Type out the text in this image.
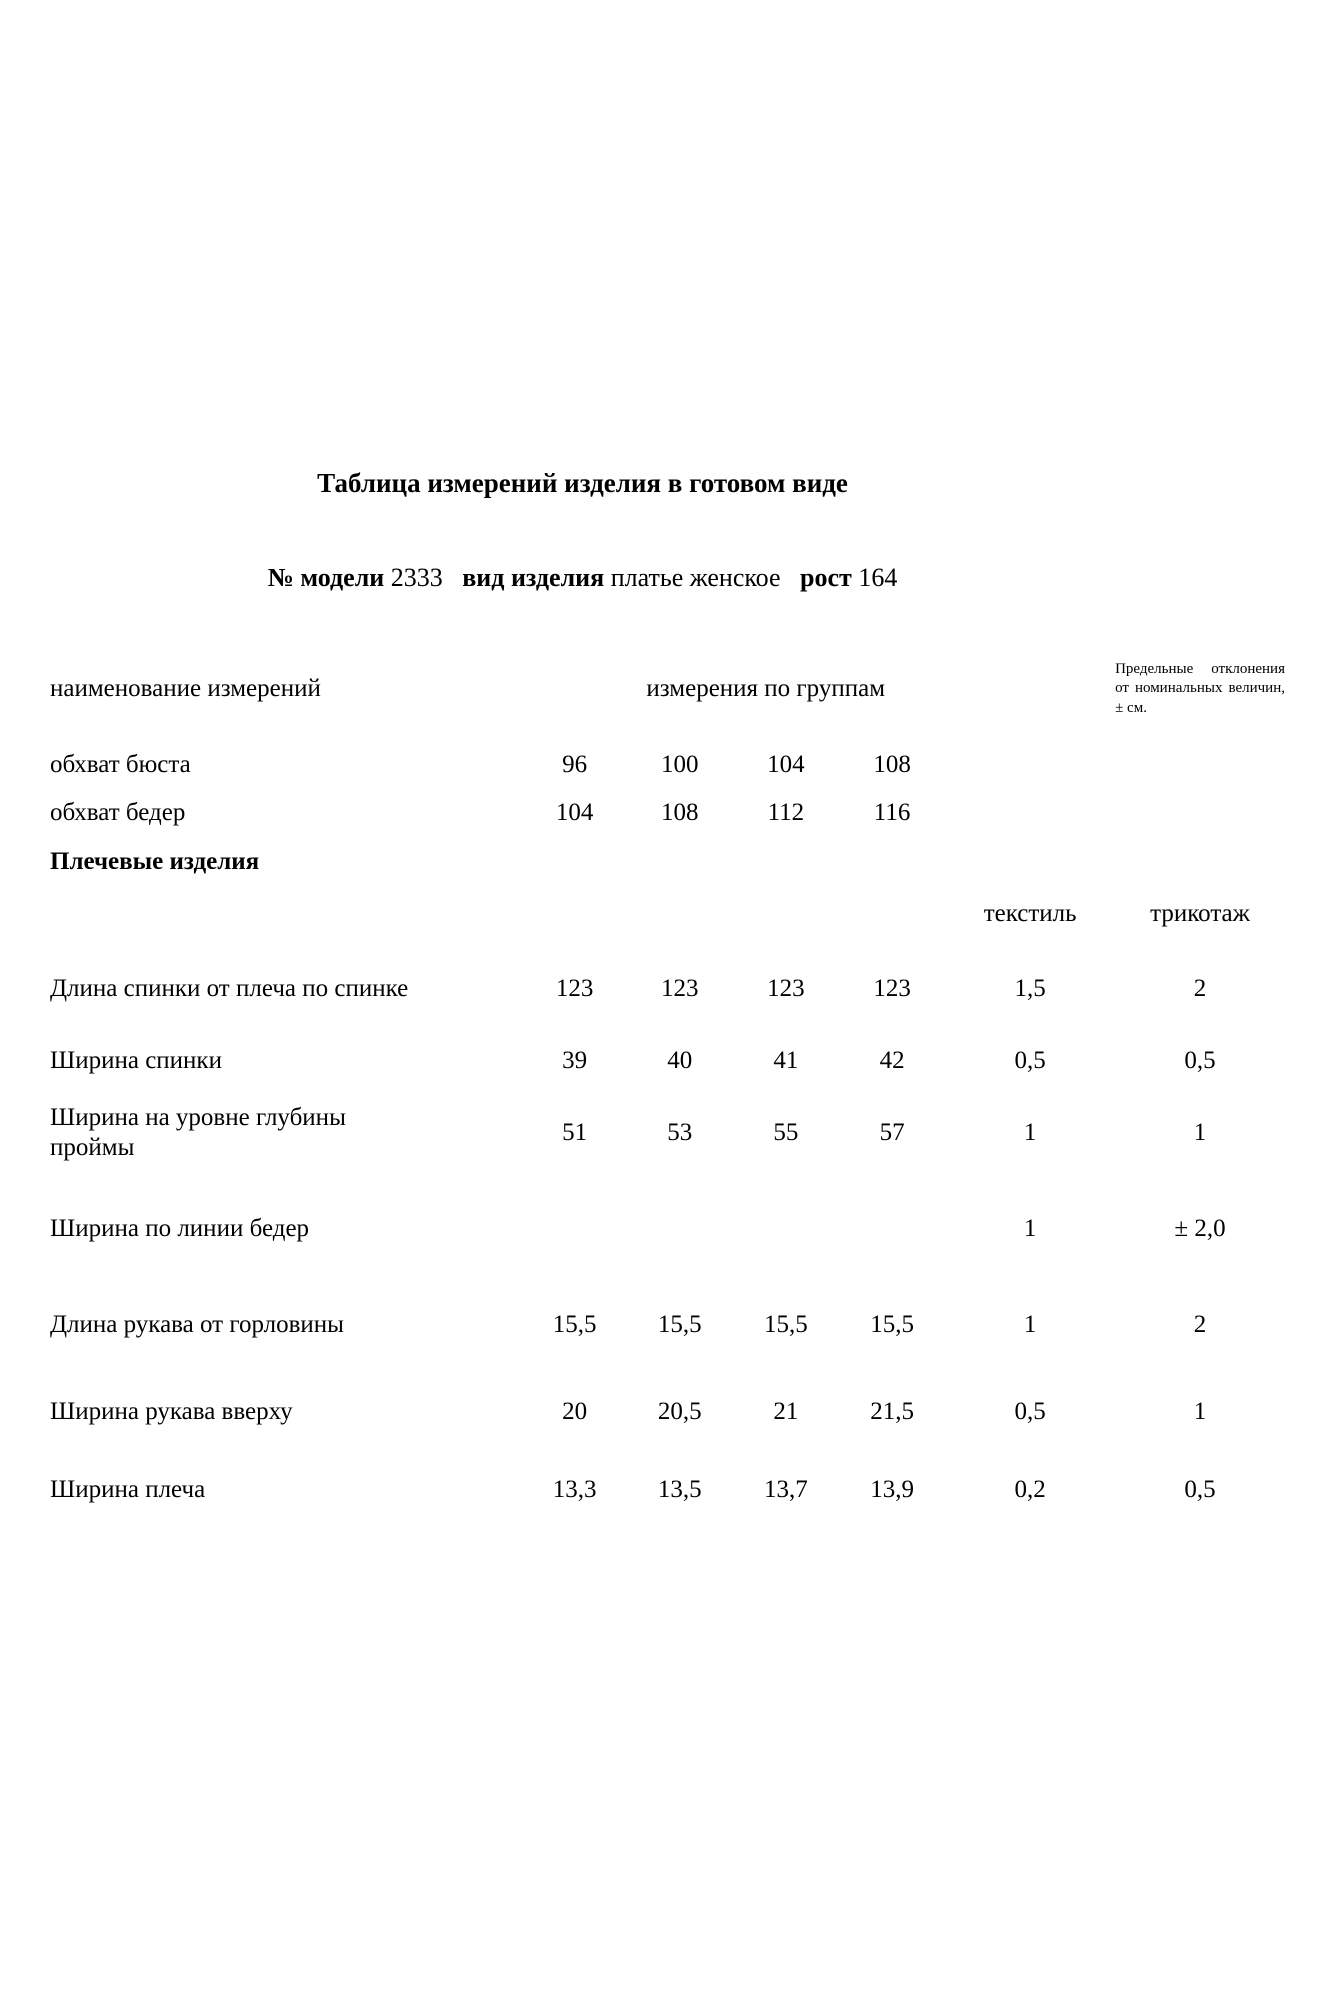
Таблица измерений изделия в готовом виде							

№ модели 2333 вид изделия платье женское рост 164							

наименование измерений	измерения по группам						Предельные отклонения от номинальных величин, ± см.
обхват бюста		96	100	104	108		
обхват бедер		104	108	112	116		
Плечевые изделия							
						текстиль	трикотаж
Длина спинки от плеча по спинке		123	123	123	123	1,5	2
Ширина спинки		39	40	41	42	0,5	0,5
Ширина на уровне глубины проймы		51	53	55	57	1	1
Ширина по линии бедер						1	± 2,0
Длина рукава от горловины		15,5	15,5	15,5	15,5	1	2
Ширина рукава вверху		20	20,5	21	21,5	0,5	1
Ширина плеча		13,3	13,5	13,7	13,9	0,2	0,5
